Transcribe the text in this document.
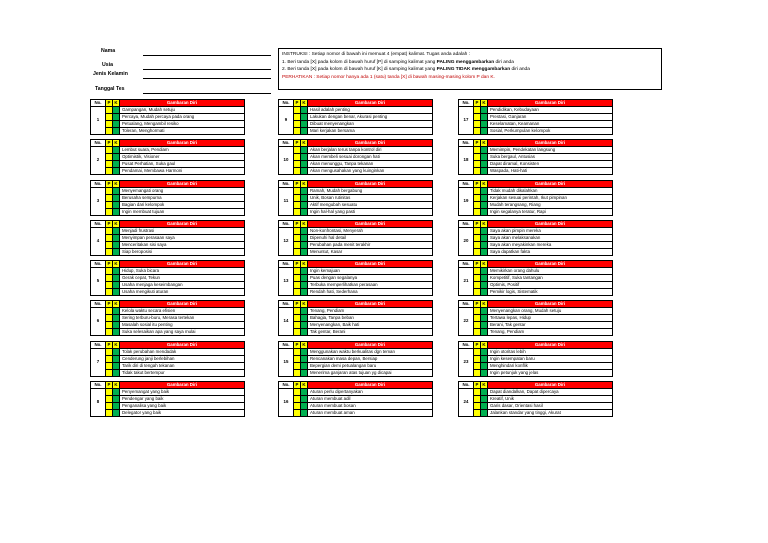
Nama
Usia
Jenis Kelamin
Tanggal Tes
INSTRUKSI : Setiap nomor di bawah ini memuat 4 (empat) kalimat. Tugas anda adalah :
1. Beri tanda [X] pada kolom di bawah huruf [P] di samping kalimat yang PALING menggambarkan diri anda
2. Beri tanda [X] pada kolom di bawah huruf [K] di samping kalimat yang PALING TIDAK menggambarkan diri anda
PERHATIKAN : Setiap nomor hanya ada 1 (satu) tanda [X] di bawah masing-masing kolom P dan K.
No.	P K	Gambaran Diri
1
Gampangan, Mudah setuju
Percaya, Mudah percaya pada orang
Petualang, Mengambil resiko
Toleran, Menghormati
No.	P K	Gambaran Diri
2
Lembut suara, Pendiam
Optimistik, Visioner
Pusat Perhatian, Suka gaul
Pendamai, Membawa Harmoni
No.	P K	Gambaran Diri
3
Menyemangati orang
Berusaha sempurna
Bagian dari kelompok
Ingin membuat tujuan
No.	P K	Gambaran Diri
4
Menjadi frustrasi
Menyimpan perasaan saya
Menceritakan sisi saya
Siap beroposisi
No.	P K	Gambaran Diri
5
Hidup, Suka bicara
Gerak cepat, Tekun
Usaha menjaga keseimbangan
Usaha mengikuti aturan
No.	P K	Gambaran Diri
6
Kelola waktu secara efisien
Sering terburu-buru, Merasa tertekan
Masalah sosial itu penting
Suka selesaikan apa yang saya mulai
No.	P K	Gambaran Diri
7
Tolak perubahan mendadak
Cenderung janji berlebihan
Tarik diri di tengah tekanan
Tidak takut bertempur
No.	P K	Gambaran Diri
8
Penyemangat yang baik
Pendengar yang baik
Penganalisa yang baik
Delegator yang baik
No.	P K	Gambaran Diri
9
Hasil adalah penting
Lakukan dengan benar, Akurasi penting
Dibuat menyenangkan
Mari kerjakan bersama
No.	P K	Gambaran Diri
10
Akan berjalan terus tanpa kontrol diri
Akan membeli sesuai dorongan hati
Akan menunggu, Tanpa tekanan
Akan mengusahakan yang kuinginkan
No.	P K	Gambaran Diri
11
Ramah, Mudah bergabung
Unik, Bosan rutinitas
Aktif mengubah sesuatu
Ingin hal-hal yang pasti
No.	P K	Gambaran Diri
12
Non-konfrontasi, Menyerah
Dipenuhi hal detail
Perubahan pada menit terakhir
Menuntut, Kasar
No.	P K	Gambaran Diri
13
Ingin kemajuan
Puas dengan segalanya
Terbuka memperlihatkan perasaan
Rendah hati, Sederhana
No.	P K	Gambaran Diri
14
Tenang, Pendiam
Bahagia, Tanpa beban
Menyenangkan, Baik hati
Tak gentar, Berani
No.	P K	Gambaran Diri
15
Menggunakan waktu berkualitas dgn teman
Rencanakan masa depan, Bersiap
Bepergian demi petualangan baru
Menerima ganjaran atas tujuan yg dicapai
No.	P K	Gambaran Diri
16
Aturan perlu dipertanyakan
Aturan membuat adil
Aturan membuat bosan
Aturan membuat aman
No.	P K	Gambaran Diri
17
Pendidikan, Kebudayaan
Prestasi, Ganjaran
Keselamatan, Keamanan
Sosial, Perkumpulan kelompok
No.	P K	Gambaran Diri
18
Memimpin, Pendekatan langsung
Suka bergaul, Antusias
Dapat diramal, Konsisten
Waspada, Hati-hati
No.	P K	Gambaran Diri
19
Tidak mudah dikalahkan
Kerjakan sesuai perintah, Ikut pimpinan
Mudah terangsang, Riang
Ingin segalanya teratur, Rapi
No.	P K	Gambaran Diri
20
Saya akan pimpin mereka
Saya akan melaksanakan
Saya akan meyakinkan mereka
Saya dapatkan fakta
No.	P K	Gambaran Diri
21
Memikirkan orang dahulu
Kompetitif, Suka tantangan
Optimis, Positif
Pemikir logis, Sistematik
No.	P K	Gambaran Diri
22
Menyenangkan orang, Mudah setuju
Tertawa lepas, Hidup
Berani, Tak gentar
Tenang, Pendiam
No.	P K	Gambaran Diri
23
Ingin otoritas lebih
Ingin kesempatan baru
Menghindari konflik
Ingin petunjuk yang jelas
No.	P K	Gambaran Diri
24
Dapat diandalkan, Dapat dipercaya
Kreatif, Unik
Garis dasar, Orientasi hasil
Jalankan standar yang tinggi, Akurat
